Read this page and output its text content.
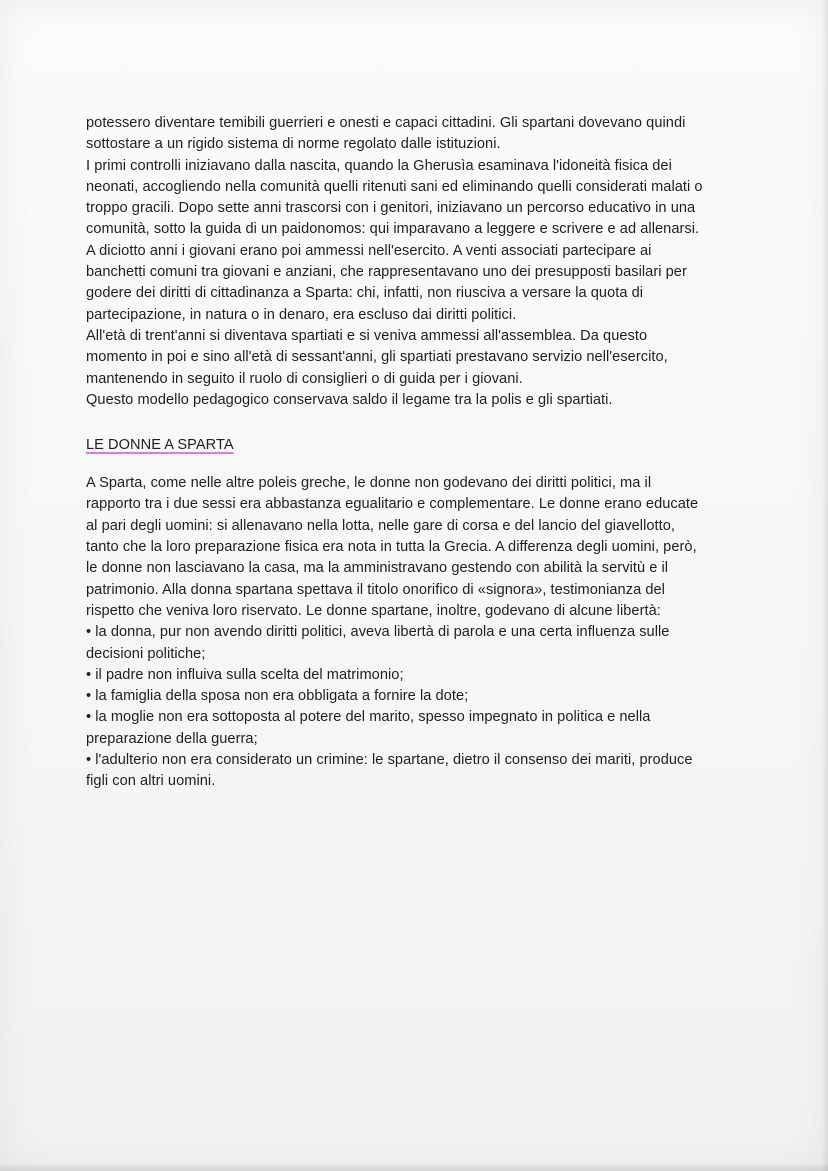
potessero diventare temibili guerrieri e onesti e capaci cittadini. Gli spartani dovevano quindi sottostare a un rigido sistema di norme regolato dalle istituzioni.

I primi controlli iniziavano dalla nascita, quando la Gherusìa esaminava l'idoneità fisica dei neonati, accogliendo nella comunità quelli ritenuti sani ed eliminando quelli considerati malati o troppo gracili. Dopo sette anni trascorsi con i genitori, iniziavano un percorso educativo in una comunità, sotto la guida di un paidonomos: qui imparavano a leggere e scrivere e ad allenarsi.

A diciotto anni i giovani erano poi ammessi nell'esercito. A venti associati partecipare ai banchetti comuni tra giovani e anziani, che rappresentavano uno dei presupposti basilari per godere dei diritti di cittadinanza a Sparta: chi, infatti, non riusciva a versare la quota di partecipazione, in natura o in denaro, era escluso dai diritti politici.

All'età di trent'anni si diventava spartiati e si veniva ammessi all'assemblea. Da questo momento in poi e sino all'età di sessant'anni, gli spartiati prestavano servizio nell'esercito, mantenendo in seguito il ruolo di consiglieri o di guida per i giovani.

Questo modello pedagogico conservava saldo il legame tra la polis e gli spartiati.

LE DONNE A SPARTA

A Sparta, come nelle altre poleis greche, le donne non godevano dei diritti politici, ma il rapporto tra i due sessi era abbastanza egualitario e complementare. Le donne erano educate al pari degli uomini: si allenavano nella lotta, nelle gare di corsa e del lancio del giavellotto, tanto che la loro preparazione fisica era nota in tutta la Grecia. A differenza degli uomini, però, le donne non lasciavano la casa, ma la amministravano gestendo con abilità la servitù e il patrimonio. Alla donna spartana spettava il titolo onorifico di «signora», testimonianza del rispetto che veniva loro riservato. Le donne spartane, inoltre, godevano di alcune libertà:

• la donna, pur non avendo diritti politici, aveva libertà di parola e una certa influenza sulle decisioni politiche;
• il padre non influiva sulla scelta del matrimonio;
• la famiglia della sposa non era obbligata a fornire la dote;
• la moglie non era sottoposta al potere del marito, spesso impegnato in politica e nella preparazione della guerra;
• l'adulterio non era considerato un crimine: le spartane, dietro il consenso dei mariti, produce figli con altri uomini.
